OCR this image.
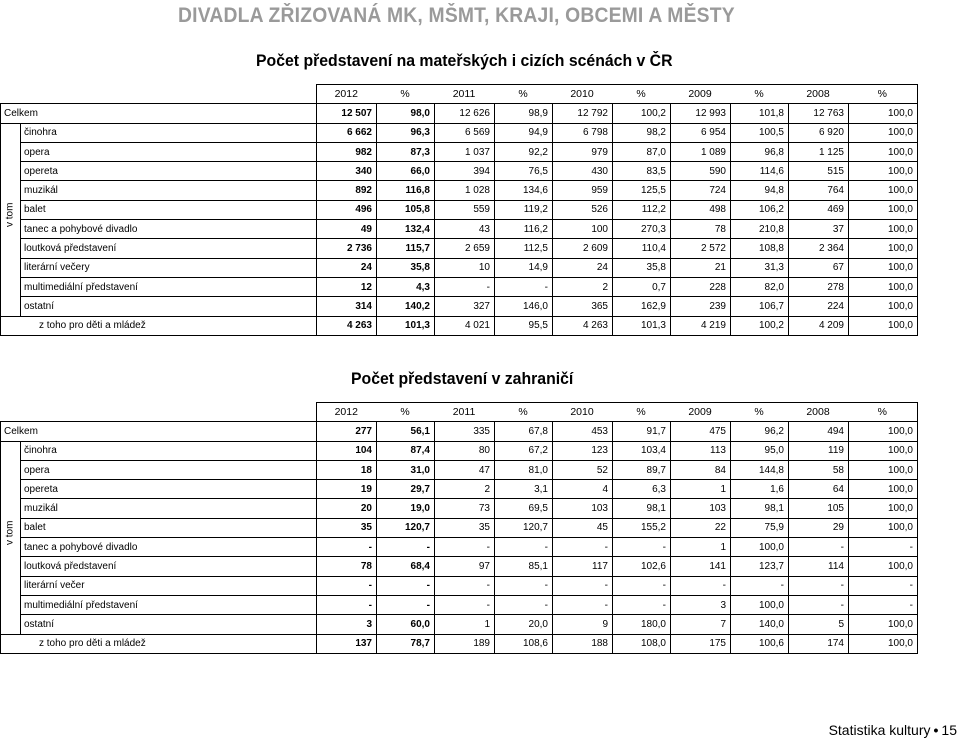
DIVADLA ZŘIZOVANÁ MK, MŠMT, KRAJI, OBCEMI A MĚSTY
Počet představení na mateřských i cizích scénách v ČR
		2012	%	2011	%	2010	%	2009	%	2008	%
Celkem		12 507	98,0	12 626	98,9	12 792	100,2	12 993	101,8	12 763	100,0

v tom	činohra	6 662	96,3	6 569	94,9	6 798	98,2	6 954	100,5	6 920	100,0
	opera	982	87,3	1 037	92,2	979	87,0	1 089	96,8	1 125	100,0
	opereta	340	66,0	394	76,5	430	83,5	590	114,6	515	100,0
	muzikál	892	116,8	1 028	134,6	959	125,5	724	94,8	764	100,0
	balet	496	105,8	559	119,2	526	112,2	498	106,2	469	100,0
	tanec a pohybové divadlo	49	132,4	43	116,2	100	270,3	78	210,8	37	100,0
	loutková představení	2 736	115,7	2 659	112,5	2 609	110,4	2 572	108,8	2 364	100,0
	literární večery	24	35,8	10	14,9	24	35,8	21	31,3	67	100,0
	multimediální představení	12	4,3	-	-	2	0,7	228	82,0	278	100,0
	ostatní	314	140,2	327	146,0	365	162,9	239	106,7	224	100,0
z toho pro děti a mládež		4 263	101,3	4 021	95,5	4 263	101,3	4 219	100,2	4 209	100,0
Počet představení v zahraničí
		2012	%	2011	%	2010	%	2009	%	2008	%
Celkem		277	56,1	335	67,8	453	91,7	475	96,2	494	100,0

v tom	činohra	104	87,4	80	67,2	123	103,4	113	95,0	119	100,0
	opera	18	31,0	47	81,0	52	89,7	84	144,8	58	100,0
	opereta	19	29,7	2	3,1	4	6,3	1	1,6	64	100,0
	muzikál	20	19,0	73	69,5	103	98,1	103	98,1	105	100,0
	balet	35	120,7	35	120,7	45	155,2	22	75,9	29	100,0
	tanec a pohybové divadlo	-	-	-	-	-	-	1	100,0	-	-
	loutková představení	78	68,4	97	85,1	117	102,6	141	123,7	114	100,0
	literární večer	-	-	-	-	-	-	-	-	-	-
	multimediální představení	-	-	-	-	-	-	3	100,0	-	-
	ostatní	3	60,0	1	20,0	9	180,0	7	140,0	5	100,0
z toho pro děti a mládež		137	78,7	189	108,6	188	108,0	175	100,6	174	100,0
Statistika kultury • 15
